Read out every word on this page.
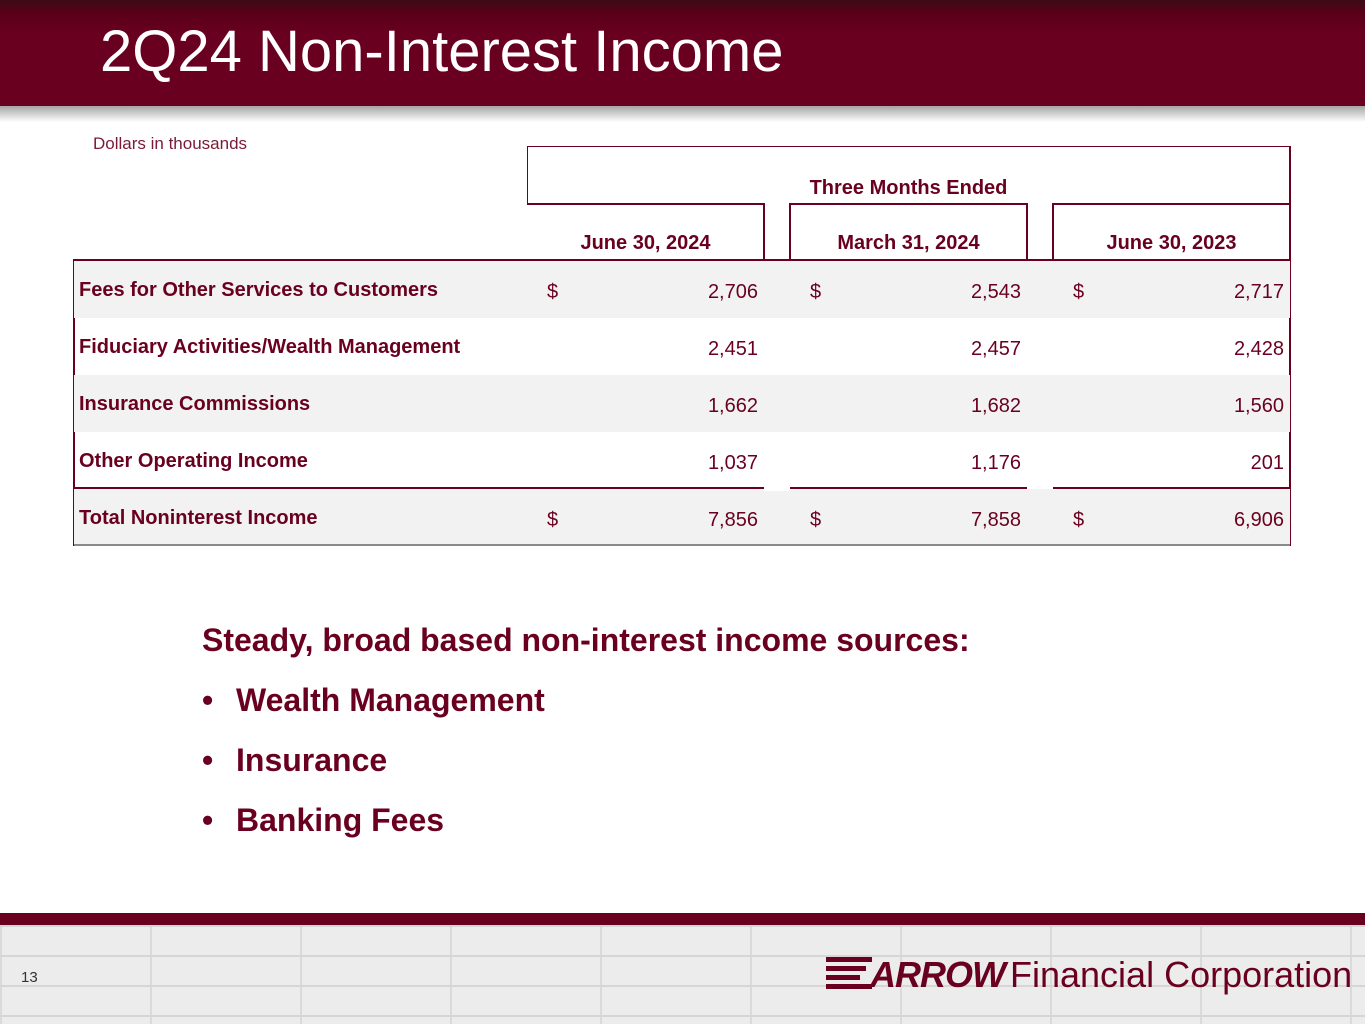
2Q24 Non-Interest Income
Dollars in thousands
Three Months Ended
June 30, 2024	March 31, 2024	June 30, 2023
Fees for Other Services to Customers	$	2,706	$	2,543	$	2,717
Fiduciary Activities/Wealth Management	2,451	2,457	2,428
Insurance Commissions	1,662	1,682	1,560
Other Operating Income	1,037	1,176	201
Total Noninterest Income	$	7,856	$	7,858	$	6,906
Steady, broad based non-interest income sources:
• Wealth Management
• Insurance
• Banking Fees
13	ARROW Financial Corporation
